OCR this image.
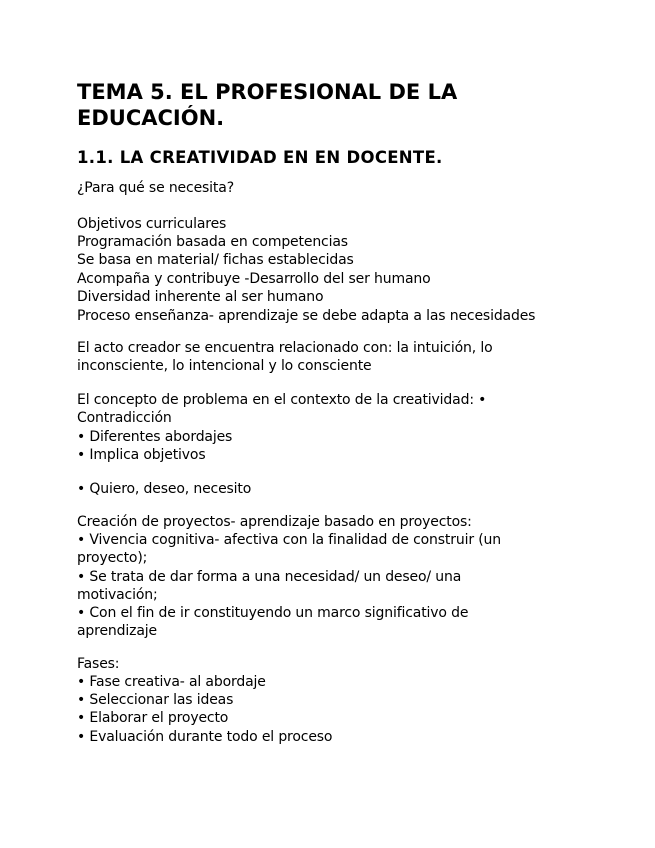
TEMA 5. EL PROFESIONAL DE LA
EDUCACIÓN.
1.1. LA CREATIVIDAD EN EN DOCENTE.
¿Para qué se necesita?
Objetivos curriculares
Programación basada en competencias
Se basa en material/ fichas establecidas
Acompaña y contribuye -Desarrollo del ser humano
Diversidad inherente al ser humano
Proceso enseñanza- aprendizaje se debe adapta a las necesidades
El acto creador se encuentra relacionado con: la intuición, lo
inconsciente, lo intencional y lo consciente
El concepto de problema en el contexto de la creatividad: •
Contradicción
• Diferentes abordajes
• Implica objetivos
• Quiero, deseo, necesito
Creación de proyectos- aprendizaje basado en proyectos:
• Vivencia cognitiva- afectiva con la finalidad de construir (un
proyecto);
• Se trata de dar forma a una necesidad/ un deseo/ una
motivación;
• Con el fin de ir constituyendo un marco significativo de
aprendizaje
Fases:
• Fase creativa- al abordaje
• Seleccionar las ideas
• Elaborar el proyecto
• Evaluación durante todo el proceso
